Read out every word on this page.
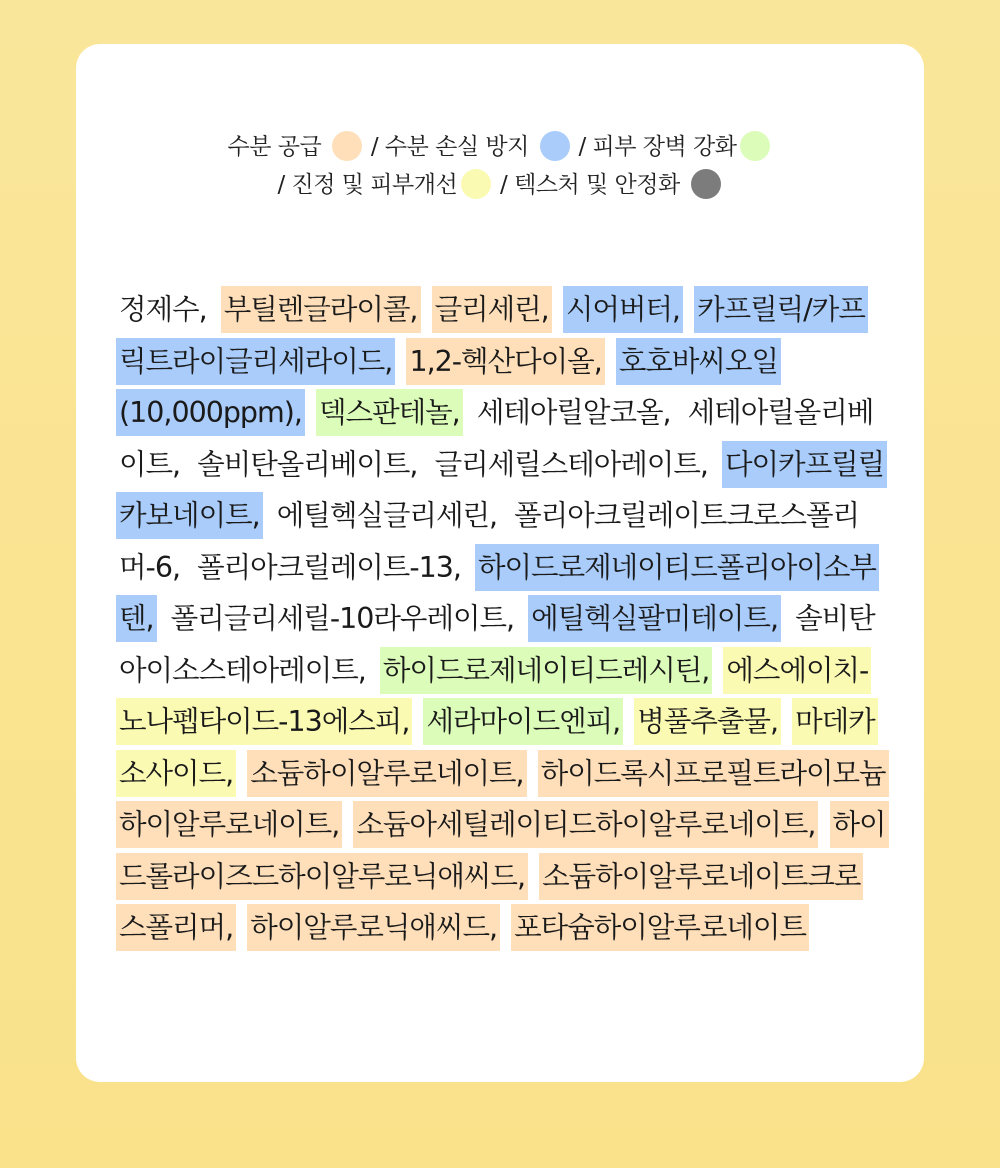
수분 공급 / 수분 손실 방지 / 피부 장벽 강화
/ 진정 및 피부개선 / 텍스처 및 안정화
정제수, 부틸렌글라이콜, 글리세린, 시어버터, 카프릴릭/카프릭트라이글리세라이드, 1,2-헥산다이올, 호호바씨오일(10,000ppm), 덱스판테놀, 세테아릴알코올, 세테아릴올리베이트, 솔비탄올리베이트, 글리세릴스테아레이트, 다이카프릴릴카보네이트, 에틸헥실글리세린, 폴리아크릴레이트크로스폴리머-6, 폴리아크릴레이트-13, 하이드로제네이티드폴리아이소부텐, 폴리글리세릴-10라우레이트, 에틸헥실팔미테이트, 솔비탄아이소스테아레이트, 하이드로제네이티드레시틴, 에스에이치-노나펩타이드-13에스피, 세라마이드엔피, 병풀추출물, 마데카소사이드, 소듐하이알루로네이트, 하이드록시프로필트라이모늄하이알루로네이트, 소듐아세틸레이티드하이알루로네이트, 하이드롤라이즈드하이알루로닉애씨드, 소듐하이알루로네이트크로스폴리머, 하이알루로닉애씨드, 포타슘하이알루로네이트
